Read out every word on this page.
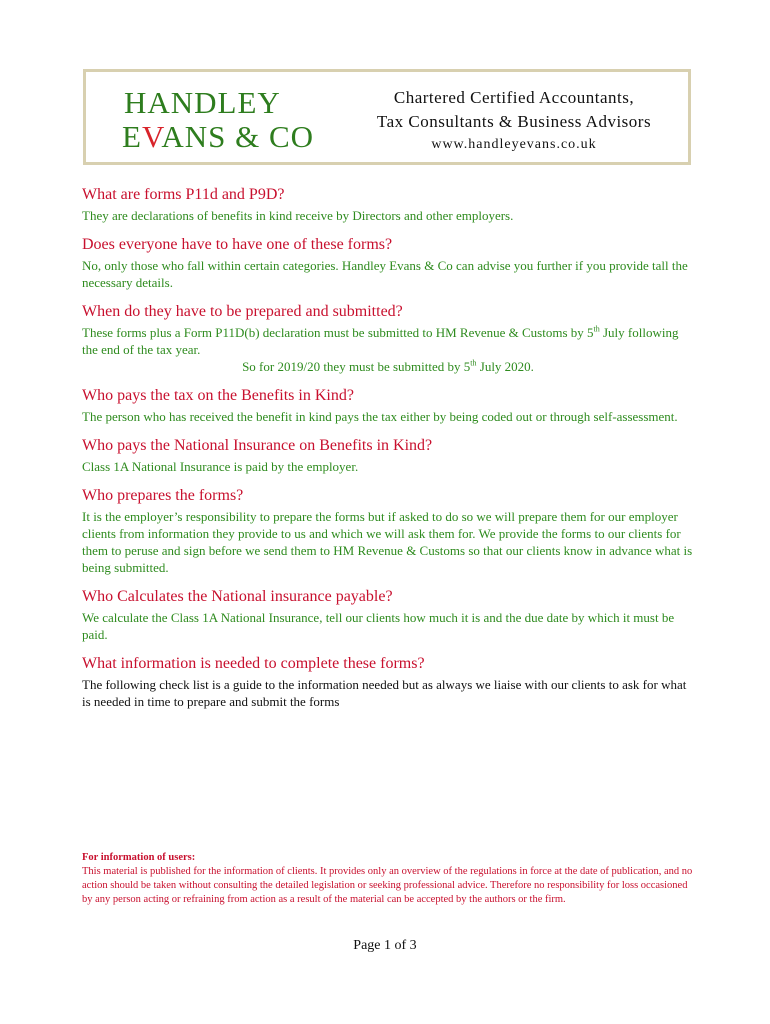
HANDLEY
EVANS & CO
Chartered Certified Accountants,
Tax Consultants & Business Advisors
www.handleyevans.co.uk

What are forms P11d and P9D?

They are declarations of benefits in kind receive by Directors and other employers.

Does everyone have to have one of these forms?

No, only those who fall within certain categories. Handley Evans & Co can advise you further if you provide tall the necessary details.

When do they have to be prepared and submitted?

These forms plus a Form P11D(b) declaration must be submitted to HM Revenue & Customs by 5th July following the end of the tax year.
So for 2019/20 they must be submitted by 5th July 2020.

Who pays the tax on the Benefits in Kind?

The person who has received the benefit in kind pays the tax either by being coded out or through self-assessment.

Who pays the National Insurance on Benefits in Kind?

Class 1A National Insurance is paid by the employer.

Who prepares the forms?

It is the employer’s responsibility to prepare the forms but if asked to do so we will prepare them for our employer clients from information they provide to us and which we will ask them for. We provide the forms to our clients for them to peruse and sign before we send them to HM Revenue & Customs so that our clients know in advance what is being submitted.

Who Calculates the National insurance payable?

We calculate the Class 1A National Insurance, tell our clients how much it is and the due date by which it must be paid.

What information is needed to complete these forms?

The following check list is a guide to the information needed but as always we liaise with our clients to ask for what is needed in time to prepare and submit the forms

For information of users:
This material is published for the information of clients. It provides only an overview of the regulations in force at the date of publication, and no action should be taken without consulting the detailed legislation or seeking professional advice. Therefore no responsibility for loss occasioned by any person acting or refraining from action as a result of the material can be accepted by the authors or the firm.
Page 1 of 3
